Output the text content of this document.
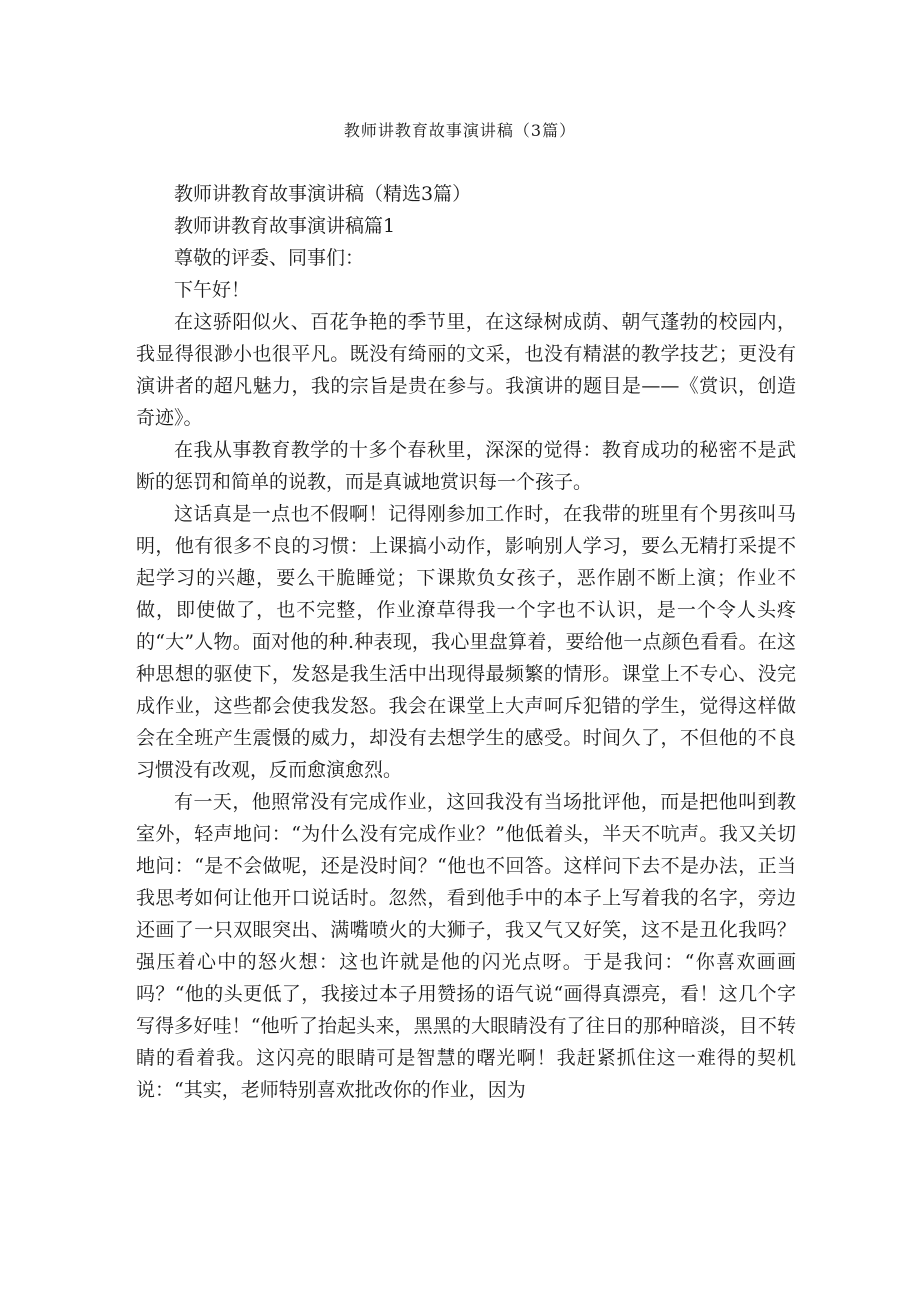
教师讲教育故事演讲稿（3篇）

教师讲教育故事演讲稿（精选3篇）

教师讲教育故事演讲稿篇1

尊敬的评委、同事们：

下午好！

在这骄阳似火、百花争艳的季节里，在这绿树成荫、朝气蓬勃的校园内，我显得很渺小也很平凡。既没有绮丽的文采，也没有精湛的教学技艺；更没有演讲者的超凡魅力，我的宗旨是贵在参与。我演讲的题目是——《赏识，创造奇迹》。

在我从事教育教学的十多个春秋里，深深的觉得：教育成功的秘密不是武断的惩罚和简单的说教，而是真诚地赏识每一个孩子。

这话真是一点也不假啊！记得刚参加工作时，在我带的班里有个男孩叫马明，他有很多不良的习惯：上课搞小动作，影响别人学习，要么无精打采提不起学习的兴趣，要么干脆睡觉；下课欺负女孩子，恶作剧不断上演；作业不做，即使做了，也不完整，作业潦草得我一个字也不认识，是一个令人头疼的“大”人物。面对他的种.种表现，我心里盘算着，要给他一点颜色看看。在这种思想的驱使下，发怒是我生活中出现得最频繁的情形。课堂上不专心、没完成作业，这些都会使我发怒。我会在课堂上大声呵斥犯错的学生，觉得这样做会在全班产生震慑的威力，却没有去想学生的感受。时间久了，不但他的不良习惯没有改观，反而愈演愈烈。

有一天，他照常没有完成作业，这回我没有当场批评他，而是把他叫到教室外，轻声地问：“为什么没有完成作业？”他低着头，半天不吭声。我又关切地问：“是不会做呢，还是没时间？“他也不回答。这样问下去不是办法，正当我思考如何让他开口说话时。忽然，看到他手中的本子上写着我的名字，旁边还画了一只双眼突出、满嘴喷火的大狮子，我又气又好笑，这不是丑化我吗？强压着心中的怒火想：这也许就是他的闪光点呀。于是我问：“你喜欢画画吗？“他的头更低了，我接过本子用赞扬的语气说“画得真漂亮，看！这几个字写得多好哇！“他听了抬起头来，黑黑的大眼睛没有了往日的那种暗淡，目不转睛的看着我。这闪亮的眼睛可是智慧的曙光啊！我赶紧抓住这一难得的契机说：“其实，老师特别喜欢批改你的作业，因为
